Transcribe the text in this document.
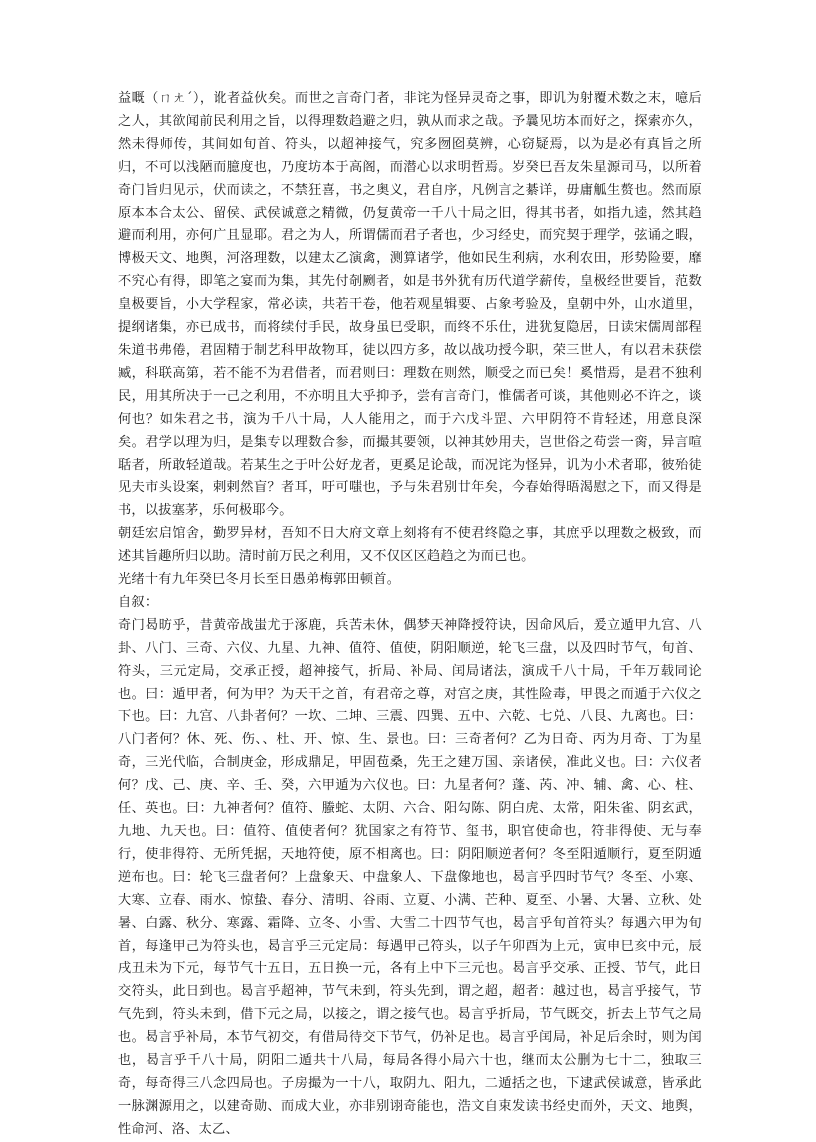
益嘅（ㄇㄤˊ），讹者益伙矣。而世之言奇门者，非诧为怪异灵奇之事，即讥为射覆术数之末，噫后之人，其欲闻前民利用之旨，以得理数趋避之归，孰从而求之哉。予曩见坊本而好之，探索亦久，然未得师传，其间如旬首、符头，以超神接气，究多囫囵莫辨，心窃疑焉，以为是必有真旨之所归，不可以浅陋而臆度也，乃度坊本于高阁，而潜心以求明哲焉。岁癸巳吾友朱星源司马，以所着奇门旨归见示，伏而读之，不禁狂喜，书之奥义，君自序，凡例言之綦详，毋庸觚生赘也。然而原原本本合太公、留侯、武侯诚意之精微，仍复黄帝一千八十局之旧，得其书者，如指九逵，然其趋避而利用，亦何广且显耶。君之为人，所谓儒而君子者也，少习经史，而究契于理学，弦诵之暇，博极天文、地舆，河洛理数，以建太乙演禽，测算诸学，他如民生利病，水利农田，形势险要，靡不究心有得，即笔之宴而为集，其先付剞劂者，如是书外犹有历代道学薪传，皇极经世要旨，范数皇极要旨，小大学程家，常必读，共若干卷，他若观星辑要、占象考验及，皇朝中外，山水道里，提纲诸集，亦已成书，而将续付手民，故身虽巳受职，而终不乐仕，进犹复隐居，日读宋儒周部程朱道书弗倦，君固精于制艺科甲故物耳，徒以四方多，故以战功授今职，荣三世人，有以君未获偿臧，科联高第，若不能不为君借者，而君则曰：理数在则然，顺受之而已矣！奚惜焉，是君不独利民，用其所决于一己之利用，不亦明且大乎抑予，尝有言奇门，惟儒者可谈，其他则必不许之，谈何也？如朱君之书，演为千八十局，人人能用之，而于六戊斗罡、六甲阴符不肯轻述，用意良深矣。君学以理为归，是集专以理数合参，而撮其要领，以神其妙用夫，岂世俗之苟尝一脔，异言喧聒者，所敢轻道哉。若某生之于叶公好龙者，更奚足论哉，而况诧为怪异，讥为小术者耶，彼殆徒见夫市头设案，剌剌然盲？者耳，吁可嗤也，予与朱君别廿年矣，今春始得晤渴慰之下，而又得是书，以拔塞茅，乐何极耶今。

朝廷宏启馆舍，勤罗异材，吾知不日大府文章上刻将有不使君终隐之事，其庶乎以理数之极致，而述其旨趣所归以助。清时前万民之利用，又不仅区区趋趋之为而已也。

光绪十有九年癸巳冬月长至日愚弟梅郭田顿首。

自叙：

奇门曷昉乎，昔黄帝战蚩尤于涿鹿，兵苦未休，偶梦天神降授符诀，因命风后，爰立遁甲九宫、八卦、八门、三奇、六仪、九星、九神、值符、值使，阴阳顺逆，轮飞三盘，以及四时节气，旬首、符头，三元定局，交承正授，超神接气，折局、补局、闰局诸法，演成千八十局，千年万载同论也。曰：遁甲者，何为甲？为天干之首，有君帝之尊，对宫之庚，其性险毒，甲畏之而遁于六仪之下也。曰：九宫、八卦者何？一坎、二坤、三震、四巽、五中、六乾、七兑、八艮、九离也。曰：八门者何？休、死、伤、、杜、开、惊、生、景也。曰：三奇者何？乙为日奇、丙为月奇、丁为星奇，三光代临，合制庚金，形成鼎足，甲固苞桑，先王之建万国、亲诸侯，准此义也。曰：六仪者何？戊、己、庚、辛、壬、癸，六甲遁为六仪也。曰：九星者何？蓬、芮、冲、辅、禽、心、柱、任、英也。曰：九神者何？值符、螣蛇、太阴、六合、阳勾陈、阴白虎、太常，阳朱雀、阴玄武，九地、九天也。曰：值符、值使者何？犹国家之有符节、玺书，职官使命也，符非得使、无与奉行，使非得符、无所凭据，天地符使，原不相离也。曰：阴阳顺逆者何？冬至阳遁顺行，夏至阴遁逆布也。曰：轮飞三盘者何？上盘象天、中盘象人、下盘像地也，曷言乎四时节气？冬至、小寒、大寒、立春、雨水、惊蛰、春分、清明、谷雨、立夏、小满、芒种、夏至、小暑、大暑、立秋、处暑、白露、秋分、寒露、霜降、立冬、小雪、大雪二十四节气也，曷言乎旬首符头？每遇六甲为旬首，每逢甲己为符头也，曷言乎三元定局：每遇甲己符头，以子午卯酉为上元，寅申巳亥中元，辰戌丑未为下元，每节气十五日，五日换一元，各有上中下三元也。曷言乎交承、正授、节气，此日交符头，此日到也。曷言乎超神，节气未到，符头先到，谓之超，超者：越过也，曷言乎接气，节气先到，符头未到，借下元之局，以接之，谓之接气也。曷言乎折局，节气既交，折去上节气之局也。曷言乎补局，本节气初交，有借局待交下节气，仍补足也。曷言乎闰局，补足后余时，则为闰也，曷言乎千八十局，阴阳二遁共十八局，每局各得小局六十也，继而太公删为七十二，独取三奇，每奇得三八念四局也。子房撮为一十八，取阴九、阳九，二遁括之也，下逮武侯诚意，皆承此一脉渊源用之，以建奇勋、而成大业，亦非别诩奇能也，浩文自束发读书经史而外，天文、地舆，性命河、洛、太乙、
